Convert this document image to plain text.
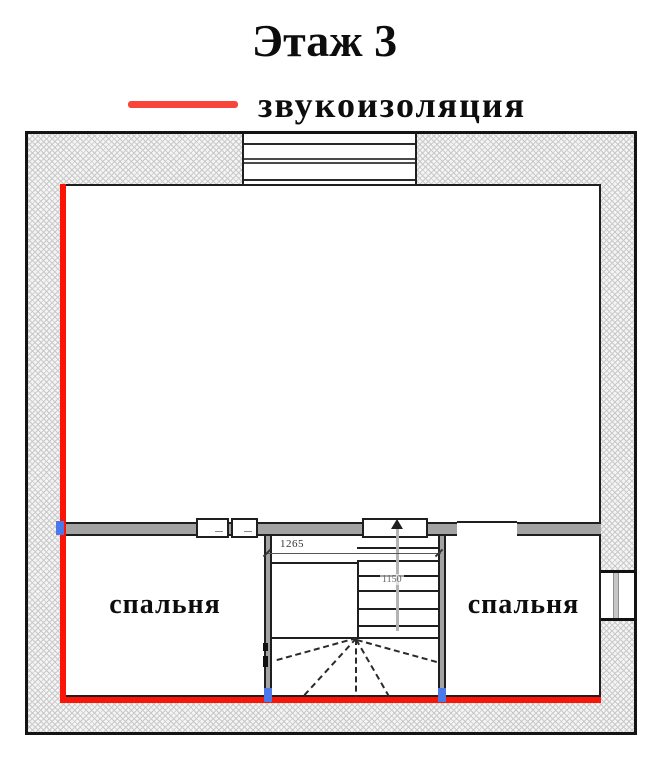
Этаж 3
звукоизоляция
1265
1150
спальня	спальня
